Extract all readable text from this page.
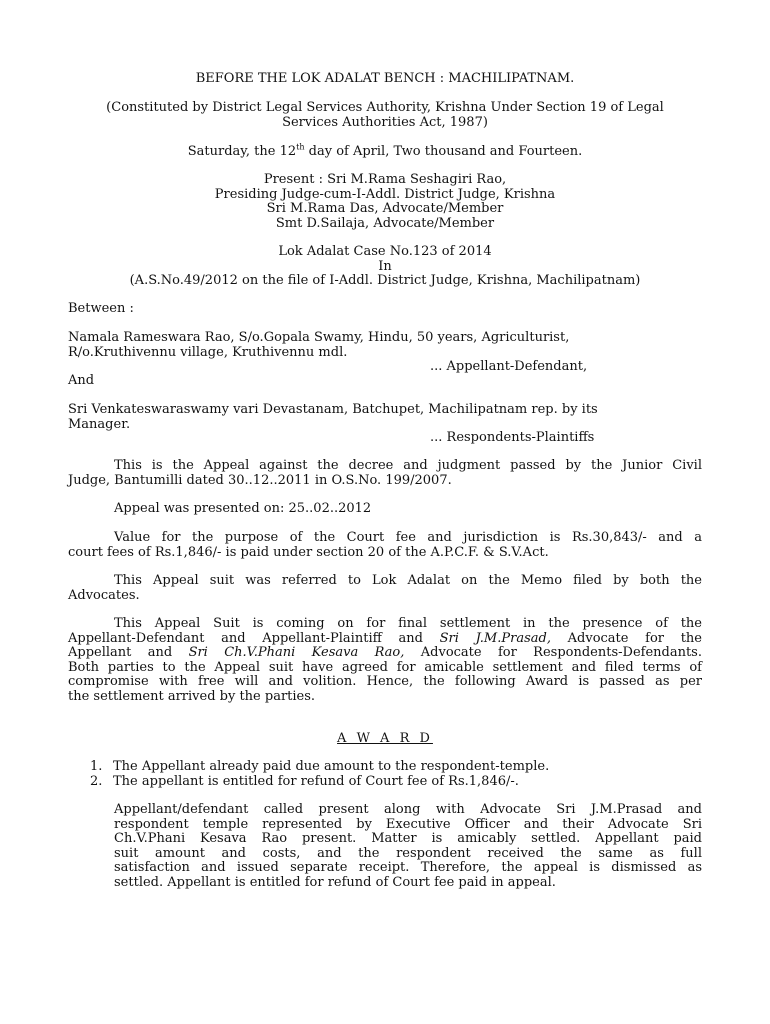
BEFORE THE LOK ADALAT BENCH : MACHILIPATNAM.
(Constituted by District Legal Services Authority, Krishna Under Section 19 of Legal
Services Authorities Act, 1987)
Saturday, the 12th day of April, Two thousand and Fourteen.
Present : Sri M.Rama Seshagiri Rao,
Presiding Judge-cum-I-Addl. District Judge, Krishna
Sri M.Rama Das, Advocate/Member
Smt D.Sailaja, Advocate/Member
Lok Adalat Case No.123 of 2014
In
(A.S.No.49/2012 on the file of I-Addl. District Judge, Krishna, Machilipatnam)
Between :
Namala Rameswara Rao, S/o.Gopala Swamy, Hindu, 50 years, Agriculturist,
R/o.Kruthivennu village, Kruthivennu mdl.
... Appellant-Defendant,
And
Sri Venkateswaraswamy vari Devastanam, Batchupet, Machilipatnam rep. by its
Manager.
... Respondents-Plaintiffs
This is the Appeal against the decree and judgment passed by the Junior Civil
Judge, Bantumilli dated 30..12..2011 in O.S.No. 199/2007.
Appeal was presented on: 25..02..2012
Value for the purpose of the Court fee and jurisdiction is Rs.30,843/- and a
court fees of Rs.1,846/- is paid under section 20 of the A.P.C.F. & S.V.Act.
This Appeal suit was referred to Lok Adalat on the Memo filed by both the
Advocates.
This Appeal Suit is coming on for final settlement in the presence of the
Appellant-Defendant and Appellant-Plaintiff and Sri J.M.Prasad, Advocate for the
Appellant and Sri Ch.V.Phani Kesava Rao, Advocate for Respondents-Defendants.
Both parties to the Appeal suit have agreed for amicable settlement and filed terms of
compromise with free will and volition. Hence, the following Award is passed as per
the settlement arrived by the parties.
A W A R D
1. The Appellant already paid due amount to the respondent-temple.
2. The appellant is entitled for refund of Court fee of Rs.1,846/-.
Appellant/defendant called present along with Advocate Sri J.M.Prasad and
respondent temple represented by Executive Officer and their Advocate Sri
Ch.V.Phani Kesava Rao present. Matter is amicably settled. Appellant paid
suit amount and costs, and the respondent received the same as full
satisfaction and issued separate receipt. Therefore, the appeal is dismissed as
settled. Appellant is entitled for refund of Court fee paid in appeal.
